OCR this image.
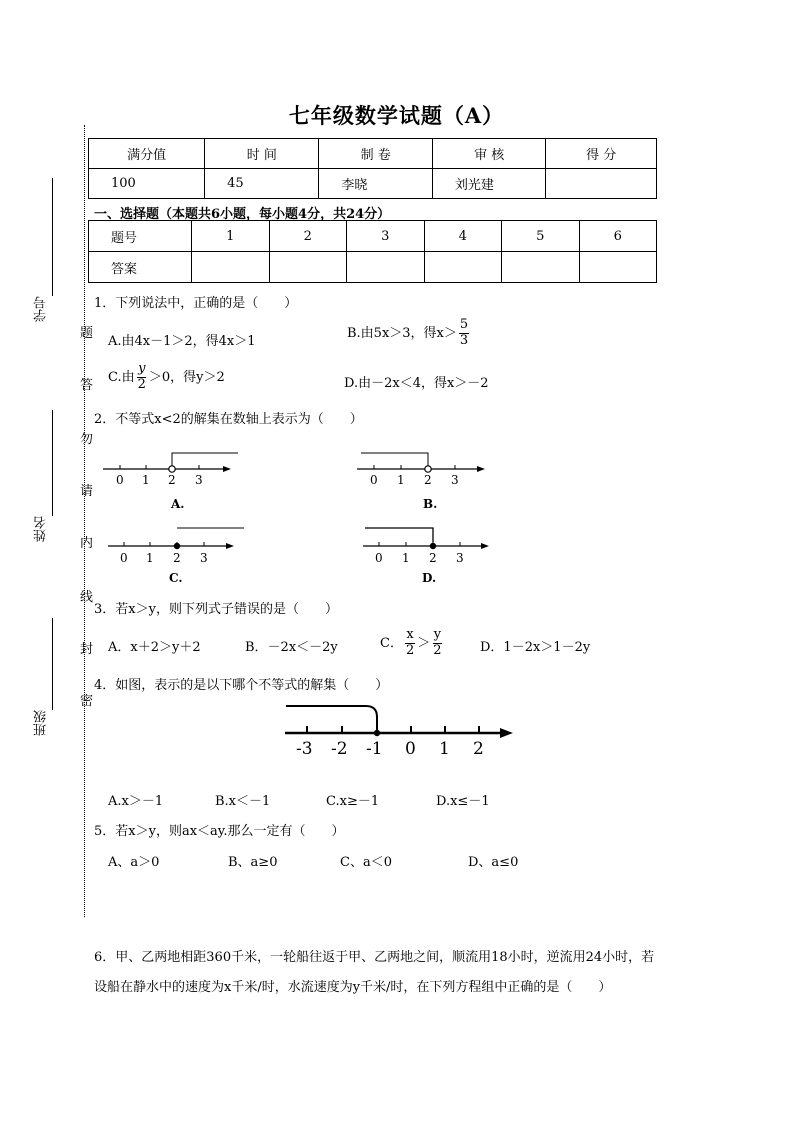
学号
姓名
班级
题
答
勿
请
内
线
封
密
七年级数学试题（A）
满分值	时 间	制 卷	审 核	得 分
100	45	李晓	刘光建	
一、选择题（本题共6小题，每小题4分，共24分）
题号	1	2	3	4	5	6
答案						
1．下列说法中，正确的是（　　）
A.由4x－1＞2，得4x＞1
B.由5x＞3，得$x> \frac{5}{3}$
C.由 $\frac{y}{2} >0$，得y＞2	D.由－2x＜4，得x＞－2
2．不等式x<2的解集在数轴上表示为（　　）
0 1 2 3
A.
0 1 2 3
B.
0 1 2 3
C.
0 1 2 3
D.
3．若x＞y，则下列式子错误的是（　　）
A．x＋2＞y＋2	B．－2x＜－2y	C． $\frac{x}{2} > \frac{y}{2}$	D．1－2x＞1－2y
4．如图，表示的是以下哪个不等式的解集（　　）
-3 -2 -1 0 1 2
A.x＞－1	B.x＜－1	C.x≥－1	D.x≤－1
5．若x＞y，则ax＜ay.那么一定有（　　）
A、a＞0	B、a≥0	C、a＜0	D、a≤0
6．甲、乙两地相距360千米，一轮船往返于甲、乙两地之间，顺流用18小时，逆流用24小时，若
设船在静水中的速度为x千米/时，水流速度为y千米/时，在下列方程组中正确的是（　　）
